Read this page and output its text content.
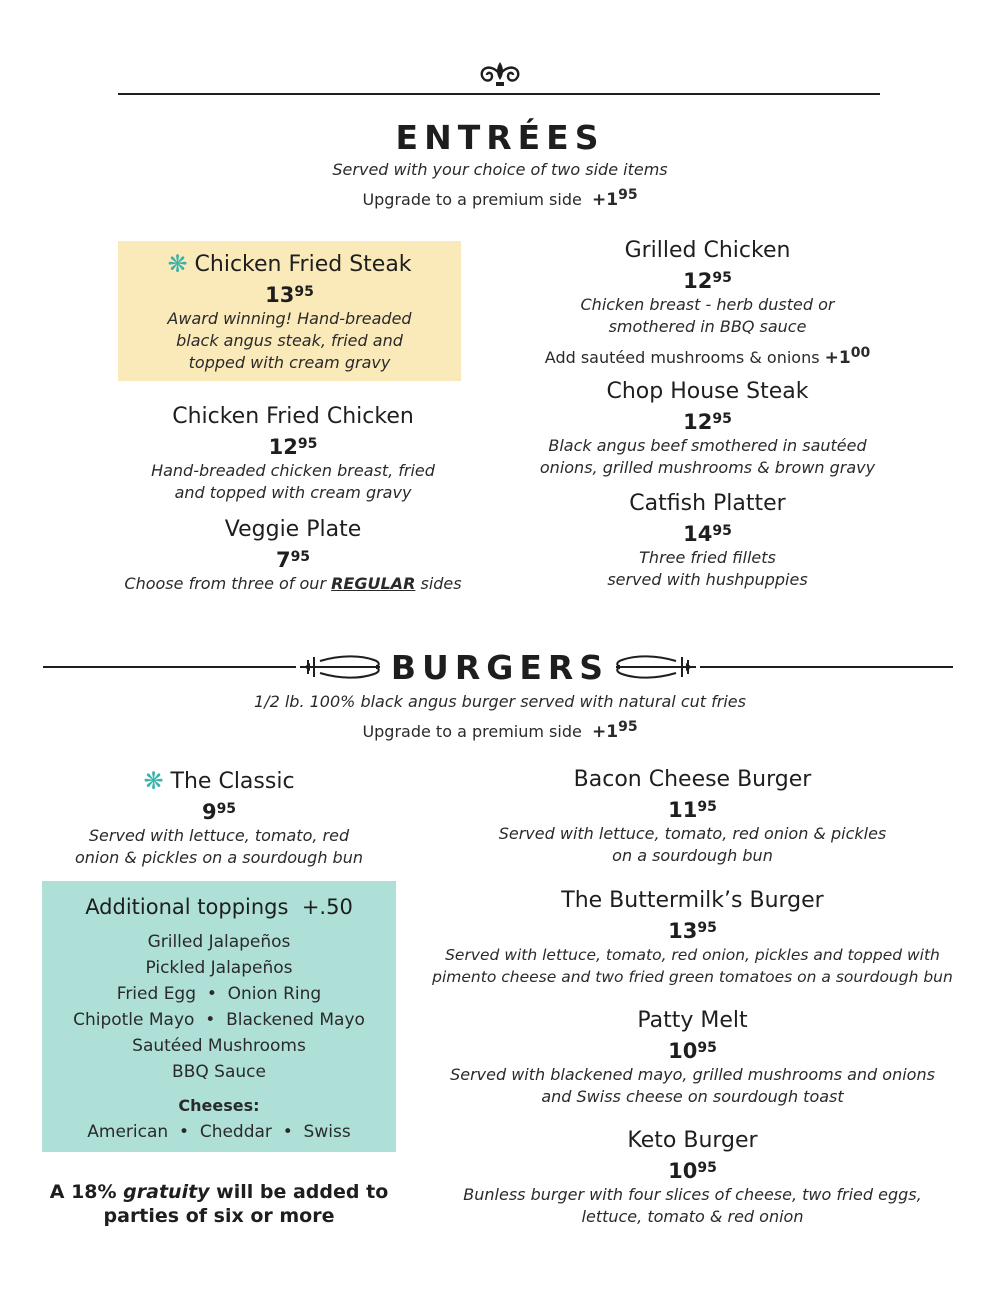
ENTRÉES
Served with your choice of two side items
Upgrade to a premium side $+1^{95}$
❋ Chicken Fried Steak
$13^{95}$
Award winning! Hand-breaded
black angus steak, fried and
topped with cream gravy
Chicken Fried Chicken
$12^{95}$
Hand-breaded chicken breast, fried
and topped with cream gravy
Veggie Plate
$7^{95}$
Choose from three of our REGULAR sides
Grilled Chicken
$12^{95}$
Chicken breast - herb dusted or
smothered in BBQ sauce
Add sautéed mushrooms & onions $+1^{00}$
Chop House Steak
$12^{95}$
Black angus beef smothered in sautéed
onions, grilled mushrooms & brown gravy
Catfish Platter
$14^{95}$
Three fried fillets
served with hushpuppies
BURGERS
1/2 lb. 100% black angus burger served with natural cut fries
Upgrade to a premium side $+1^{95}$
❋ The Classic
$9^{95}$
Served with lettuce, tomato, red
onion & pickles on a sourdough bun
Additional toppings +.50
Grilled Jalapeños
Pickled Jalapeños
Fried Egg  •  Onion Ring
Chipotle Mayo  •  Blackened Mayo
Sautéed Mushrooms
BBQ Sauce
Cheeses:
American  •  Cheddar  •  Swiss
A 18% gratuity will be added to
parties of six or more
Bacon Cheese Burger
$11^{95}$
Served with lettuce, tomato, red onion & pickles
on a sourdough bun
The Buttermilk’s Burger
$13^{95}$
Served with lettuce, tomato, red onion, pickles and topped with
pimento cheese and two fried green tomatoes on a sourdough bun
Patty Melt
$10^{95}$
Served with blackened mayo, grilled mushrooms and onions
and Swiss cheese on sourdough toast
Keto Burger
$10^{95}$
Bunless burger with four slices of cheese, two fried eggs,
lettuce, tomato & red onion
